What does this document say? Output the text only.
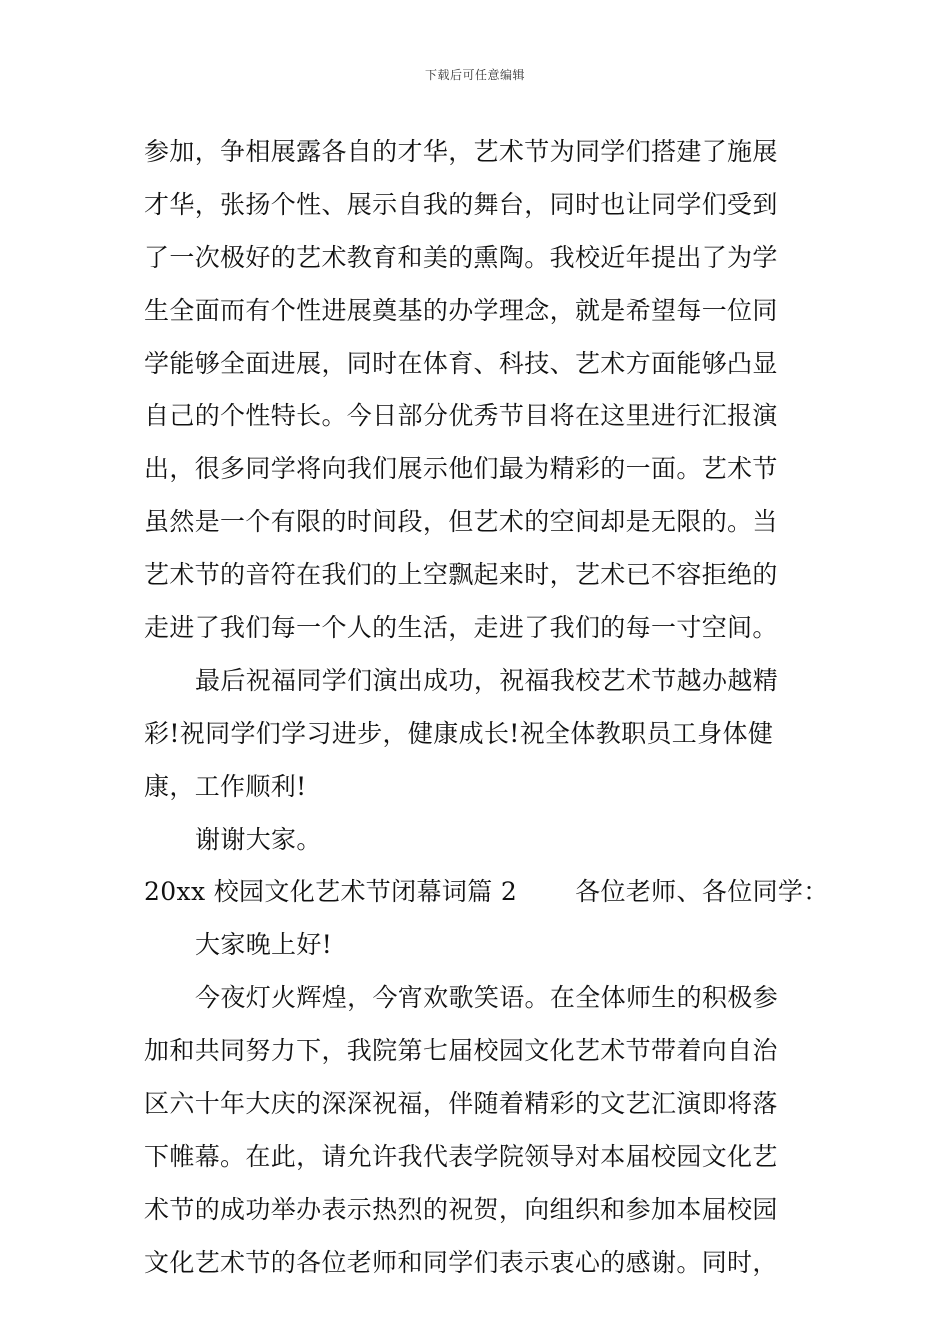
下载后可任意编辑
参加，争相展露各自的才华，艺术节为同学们搭建了施展
才华，张扬个性、展示自我的舞台，同时也让同学们受到
了一次极好的艺术教育和美的熏陶。我校近年提出了为学
生全面而有个性进展奠基的办学理念，就是希望每一位同
学能够全面进展，同时在体育、科技、艺术方面能够凸显
自己的个性特长。今日部分优秀节目将在这里进行汇报演
出，很多同学将向我们展示他们最为精彩的一面。艺术节
虽然是一个有限的时间段，但艺术的空间却是无限的。当
艺术节的音符在我们的上空飘起来时，艺术已不容拒绝的
走进了我们每一个人的生活，走进了我们的每一寸空间。
最后祝福同学们演出成功，祝福我校艺术节越办越精
彩!祝同学们学习进步，健康成长!祝全体教职员工身体健
康，工作顺利!
谢谢大家。
20xx 校园文化艺术节闭幕词篇 2 各位老师、各位同学：
大家晚上好!
今夜灯火辉煌，今宵欢歌笑语。在全体师生的积极参
加和共同努力下，我院第七届校园文化艺术节带着向自治
区六十年大庆的深深祝福，伴随着精彩的文艺汇演即将落
下帷幕。在此，请允许我代表学院领导对本届校园文化艺
术节的成功举办表示热烈的祝贺，向组织和参加本届校园
文化艺术节的各位老师和同学们表示衷心的感谢。同时，
